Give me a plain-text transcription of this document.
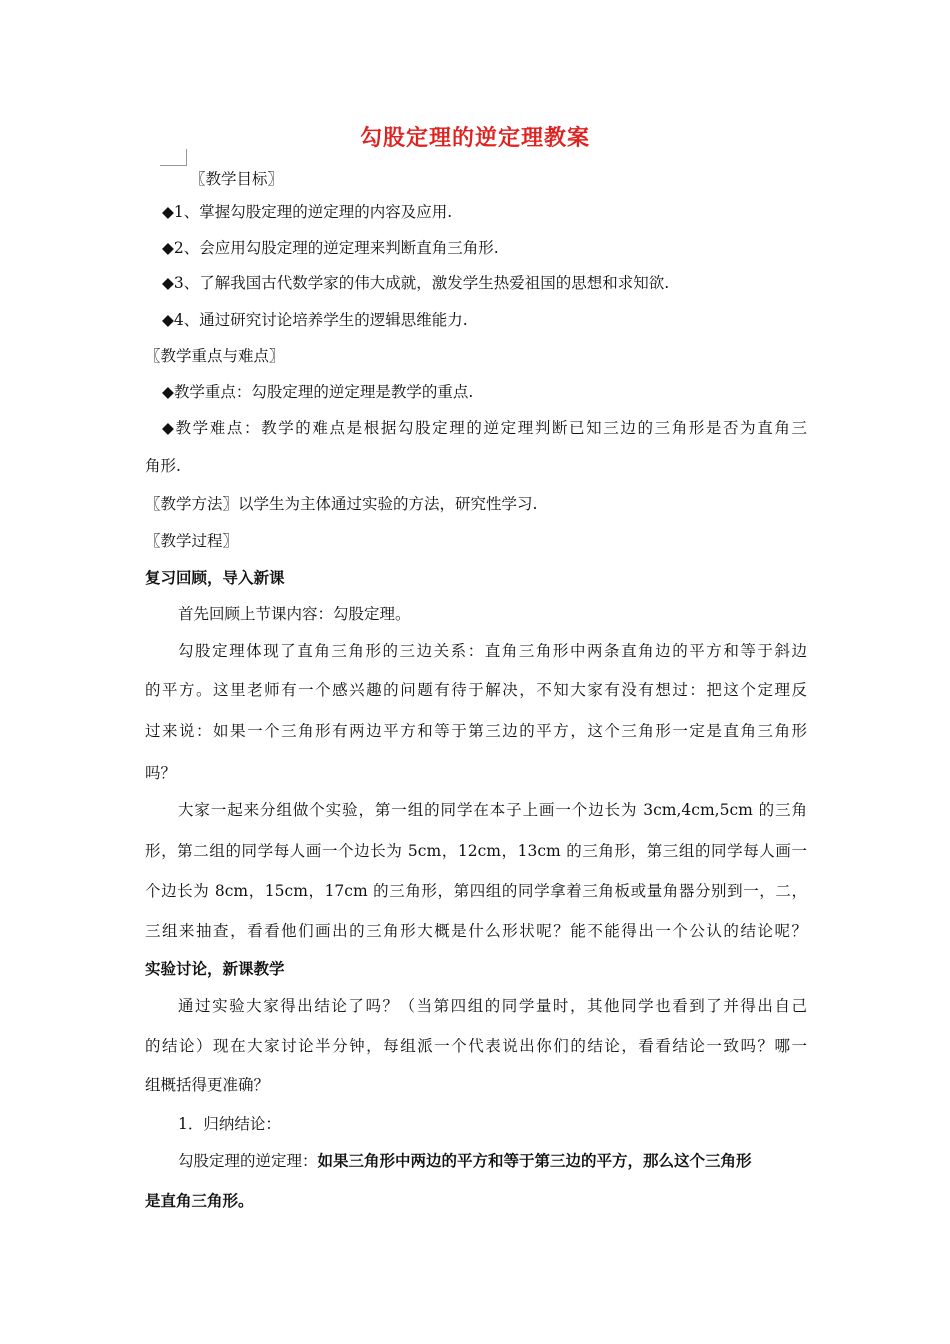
勾股定理的逆定理教案
〖教学目标〗
◆1、掌握勾股定理的逆定理的内容及应用.
◆2、会应用勾股定理的逆定理来判断直角三角形.
◆3、了解我国古代数学家的伟大成就，激发学生热爱祖国的思想和求知欲.
◆4、通过研究讨论培养学生的逻辑思维能力.
〖教学重点与难点〗
◆教学重点：勾股定理的逆定理是教学的重点.
◆教学难点：教学的难点是根据勾股定理的逆定理判断已知三边的三角形是否为直角三
角形.
〖教学方法〗以学生为主体通过实验的方法，研究性学习.
〖教学过程〗
复习回顾，导入新课
首先回顾上节课内容：勾股定理。
勾股定理体现了直角三角形的三边关系：直角三角形中两条直角边的平方和等于斜边
的平方。这里老师有一个感兴趣的问题有待于解决，不知大家有没有想过：把这个定理反
过来说：如果一个三角形有两边平方和等于第三边的平方，这个三角形一定是直角三角形
吗？
大家一起来分组做个实验，第一组的同学在本子上画一个边长为 3cm,4cm,5cm 的三角
形，第二组的同学每人画一个边长为 5cm，12cm，13cm 的三角形，第三组的同学每人画一
个边长为 8cm，15cm，17cm 的三角形，第四组的同学拿着三角板或量角器分别到一，二，
三组来抽查，看看他们画出的三角形大概是什么形状呢？能不能得出一个公认的结论呢？
实验讨论，新课教学
通过实验大家得出结论了吗？（当第四组的同学量时，其他同学也看到了并得出自己
的结论）现在大家讨论半分钟，每组派一个代表说出你们的结论，看看结论一致吗？哪一
组概括得更准确？
1．归纳结论：
勾股定理的逆定理：如果三角形中两边的平方和等于第三边的平方，那么这个三角形
是直角三角形。
